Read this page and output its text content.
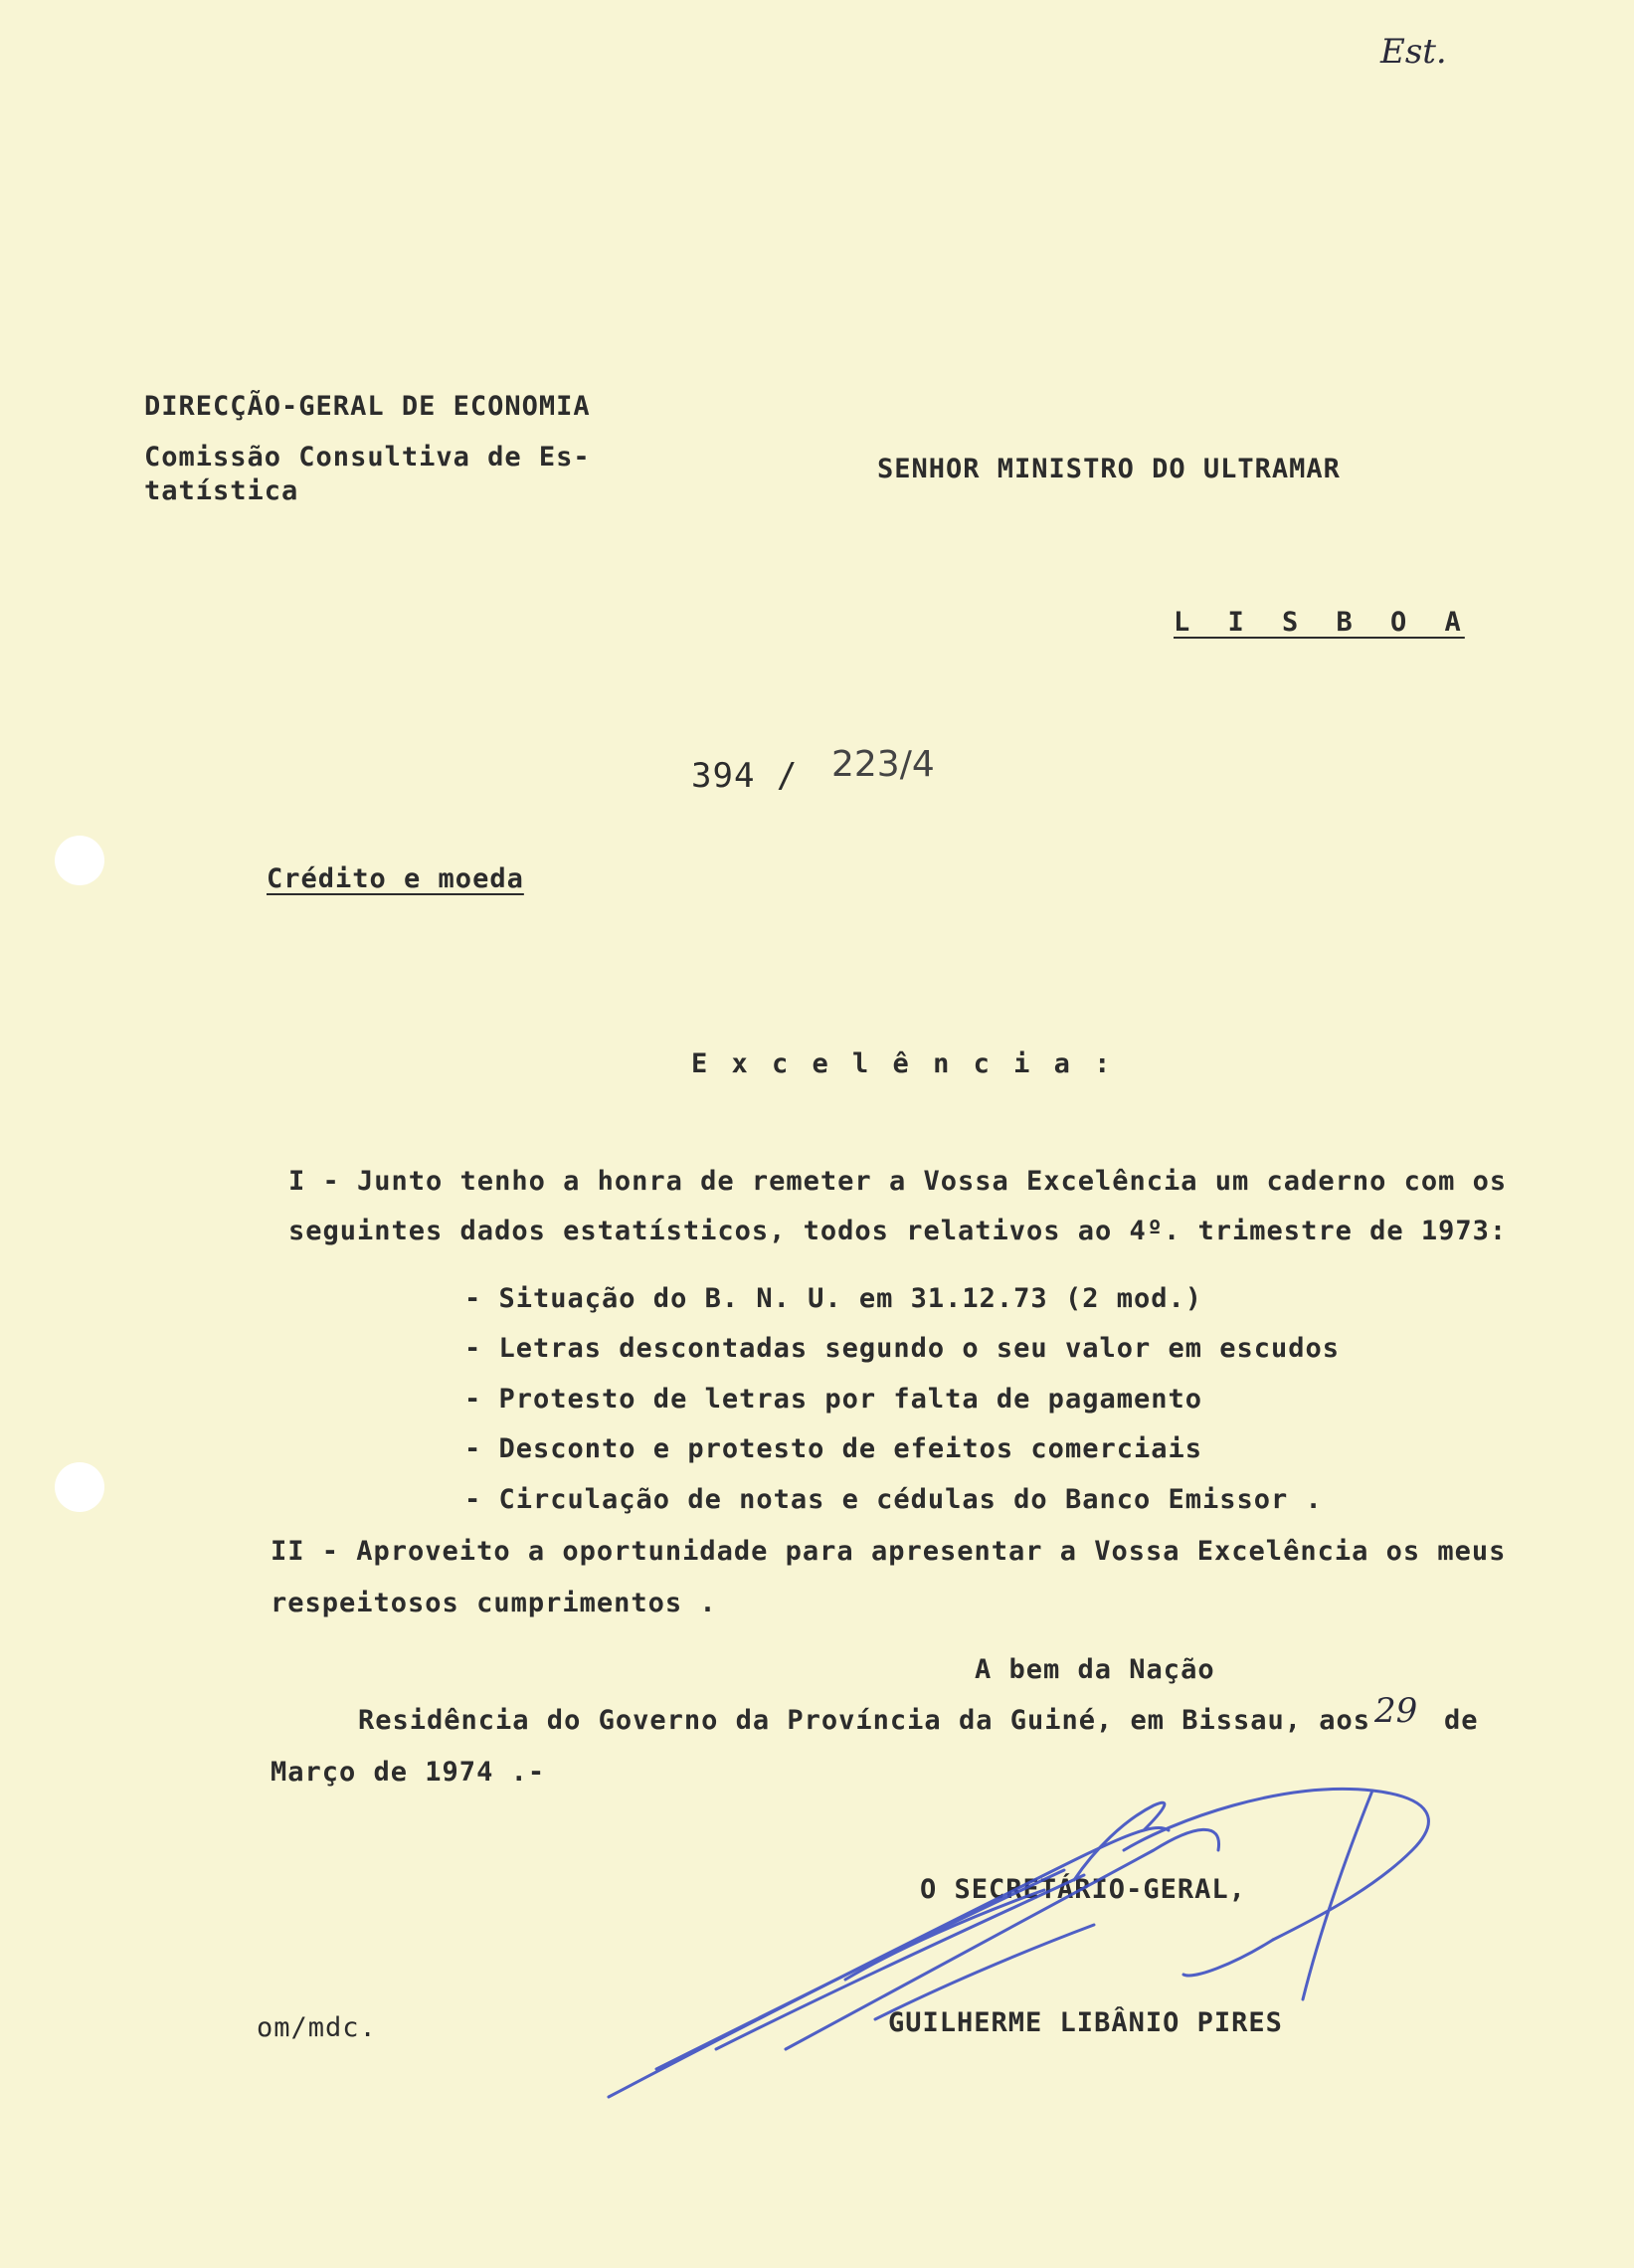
Est.
DIRECÇÃO-GERAL DE ECONOMIA
Comissão Consultiva de Es-
tatística
SENHOR MINISTRO DO ULTRAMAR
L I S B O A
394 / 223/4
Crédito e moeda
E x c e l ê n c i a :
I - Junto tenho a honra de remeter a Vossa Excelência um caderno com os
seguintes dados estatísticos, todos relativos ao 4º. trimestre de 1973:
- Situação do B. N. U. em 31.12.73 (2 mod.)
- Letras descontadas segundo o seu valor em escudos
- Protesto de letras por falta de pagamento
- Desconto e protesto de efeitos comerciais
- Circulação de notas e cédulas do Banco Emissor .
II - Aproveito a oportunidade para apresentar a Vossa Excelência os meus
respeitosos cumprimentos .
A bem da Nação
Residência do Governo da Província da Guiné, em Bissau, aos 29 de
Março de 1974 .-
O SECRETÁRIO-GERAL,
GUILHERME LIBÂNIO PIRES
om/mdc.
